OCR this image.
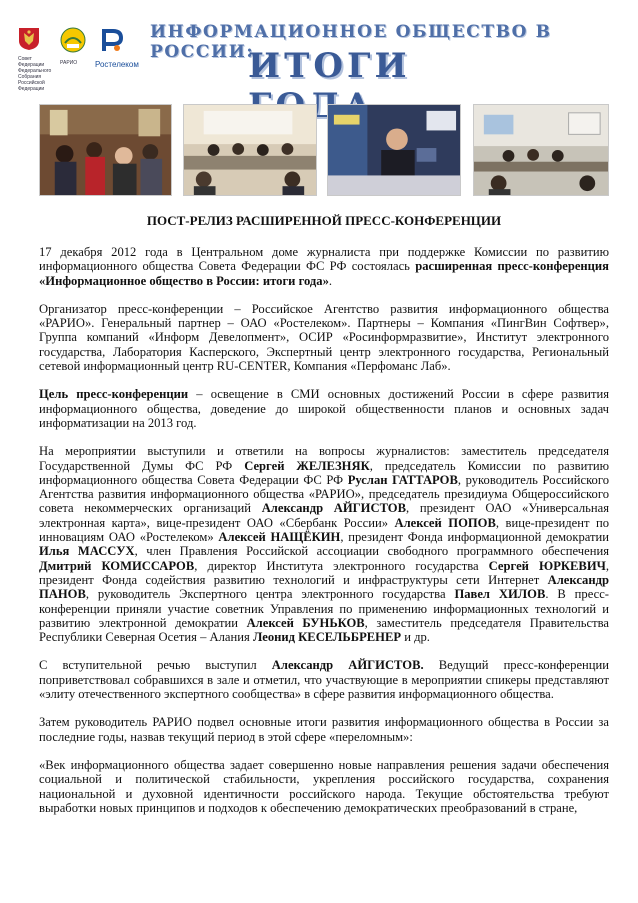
Совет Федерации Федерального Собрания Российской Федерации
РАРИО	Ростелеком
ИНФОРМАЦИОННОЕ ОБЩЕСТВО В РОССИИ:
ИТОГИ
ПОСТ-РЕЛИЗ РАСШИРЕННОЙ ПРЕСС-КОНФЕРЕНЦИИ

17 декабря 2012 года в Центральном доме журналиста при поддержке Комиссии по развитию информационного общества Совета Федерации ФС РФ состоялась расширенная пресс-конференция «Информационное общество в России: итоги года».

Организатор пресс-конференции – Российское Агентство развития информационного общества «РАРИО». Генеральный партнер – ОАО «Ростелеком». Партнеры – Компания «ПингВин Софтвер», Группа компаний «Информ Девелопмент», ОСИР «Росинформразвитие», Институт электронного государства, Лаборатория Касперского, Экспертный центр электронного государства, Региональный сетевой информационный центр RU-CENTER, Компания «Перфоманс Лаб».

Цель пресс-конференции – освещение в СМИ основных достижений России в сфере развития информационного общества, доведение до широкой общественности планов и основных задач информатизации на 2013 год.

На мероприятии выступили и ответили на вопросы журналистов: заместитель председателя Государственной Думы ФС РФ Сергей ЖЕЛЕЗНЯК, председатель Комиссии по развитию информационного общества Совета Федерации ФС РФ Руслан ГАТТАРОВ, руководитель Российского Агентства развития информационного общества «РАРИО», председатель президиума Общероссийского совета некоммерческих организаций Александр АЙГИСТОВ, президент ОАО «Универсальная электронная карта», вице-президент ОАО «Сбербанк России» Алексей ПОПОВ, вице-президент по инновациям ОАО «Ростелеком» Алексей НАЩЁКИН, президент Фонда информационной демократии Илья МАССУХ, член Правления Российской ассоциации свободного программного обеспечения Дмитрий КОМИССАРОВ, директор Института электронного государства Сергей ЮРКЕВИЧ, президент Фонда содействия развитию технологий и инфраструктуры сети Интернет Александр ПАНОВ, руководитель Экспертного центра электронного государства Павел ХИЛОВ. В пресс-конференции приняли участие советник Управления по применению информационных технологий и развитию электронной демократии Алексей БУНЬКОВ, заместитель председателя Правительства Республики Северная Осетия – Алания Леонид КЕСЕЛЬБРЕНЕР и др.

С вступительной речью выступил Александр АЙГИСТОВ. Ведущий пресс-конференции поприветствовал собравшихся в зале и отметил, что участвующие в мероприятии спикеры представляют «элиту отечественного экспертного сообщества» в сфере развития информационного общества.

Затем руководитель РАРИО подвел основные итоги развития информационного общества в России за последние годы, назвав текущий период в этой сфере «переломным»:

«Век информационного общества задает совершенно новые направления решения задачи обеспечения социальной и политической стабильности, укрепления российского государства, сохранения национальной и духовной идентичности российского народа. Текущие обстоятельства требуют выработки новых принципов и подходов к обеспечению демократических преобразований в стране,
